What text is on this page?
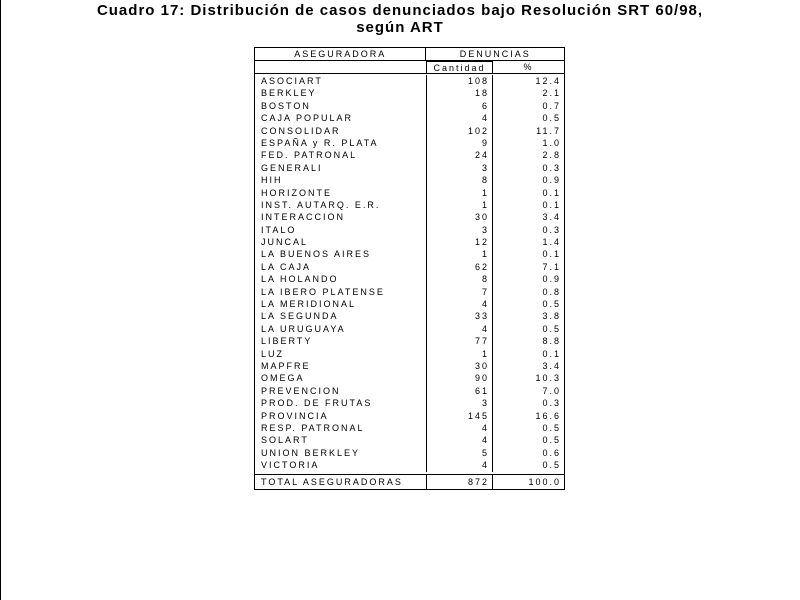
Cuadro 17: Distribución de casos denunciados bajo Resolución SRT 60/98,
según ART
ASEGURADORA	DENUNCIAS
Cantidad	%
ASOCIART	108	12.4
BERKLEY	18	2.1
BOSTON	6	0.7
CAJA POPULAR	4	0.5
CONSOLIDAR	102	11.7
ESPAÑA y R. PLATA	9	1.0
FED. PATRONAL	24	2.8
GENERALI	3	0.3
HIH	8	0.9
HORIZONTE	1	0.1
INST. AUTARQ. E.R.	1	0.1
INTERACCION	30	3.4
ITALO	3	0.3
JUNCAL	12	1.4
LA BUENOS AIRES	1	0.1
LA CAJA	62	7.1
LA HOLANDO	8	0.9
LA IBERO PLATENSE	7	0.8
LA MERIDIONAL	4	0.5
LA SEGUNDA	33	3.8
LA URUGUAYA	4	0.5
LIBERTY	77	8.8
LUZ	1	0.1
MAPFRE	30	3.4
OMEGA	90	10.3
PREVENCION	61	7.0
PROD. DE FRUTAS	3	0.3
PROVINCIA	145	16.6
RESP. PATRONAL	4	0.5
SOLART	4	0.5
UNION BERKLEY	5	0.6
VICTORIA	4	0.5
TOTAL ASEGURADORAS	872	100.0
